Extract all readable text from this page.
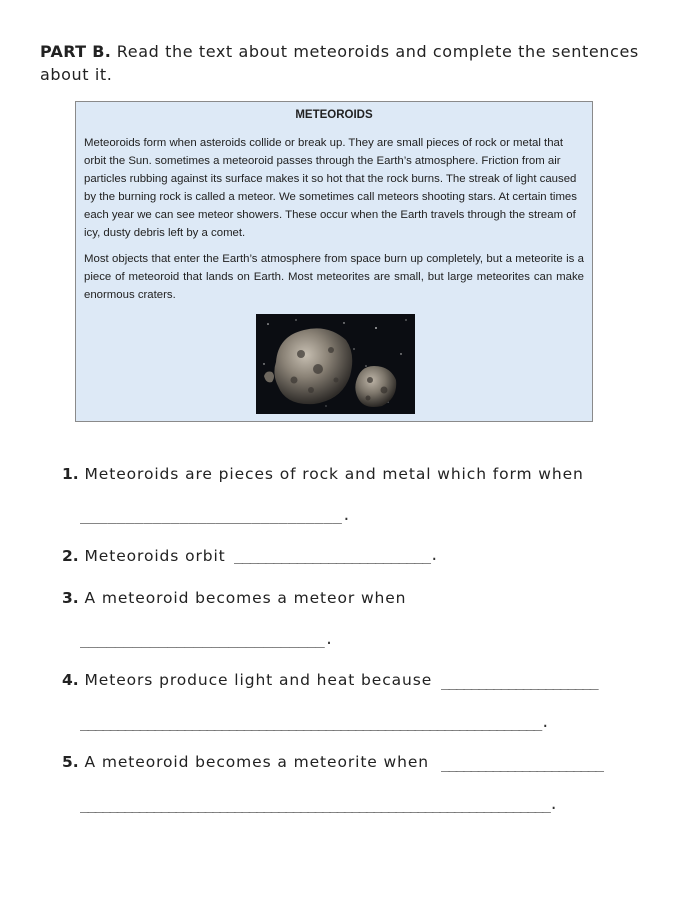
PART B. Read the text about meteoroids and complete the sentences
about it.
METEOROIDS

Meteoroids form when asteroids collide or break up. They are small pieces of rock or metal that orbit the Sun. sometimes a meteoroid passes through the Earth’s atmosphere. Friction from air particles rubbing against its surface makes it so hot that the rock burns. The streak of light caused by the burning rock is called a meteor. We sometimes call meteors shooting stars. At certain times each year we can see meteor showers. These occur when the Earth travels through the stream of icy, dusty debris left by a comet.

Most objects that enter the Earth’s atmosphere from space burn up completely, but a meteorite is a piece of meteoroid that lands on Earth. Most meteorites are small, but large meteorites can make enormous craters.

1. Meteoroids are pieces of rock and metal which form when
_____________________________.
2. Meteoroids orbit _________________________.
3. A meteoroid becomes a meteor when
____________________________.
4. Meteors produce light and heat because _____________________
______________________________________________________________.
5. A meteoroid becomes a meteorite when ______________________
________________________________________________________________.
